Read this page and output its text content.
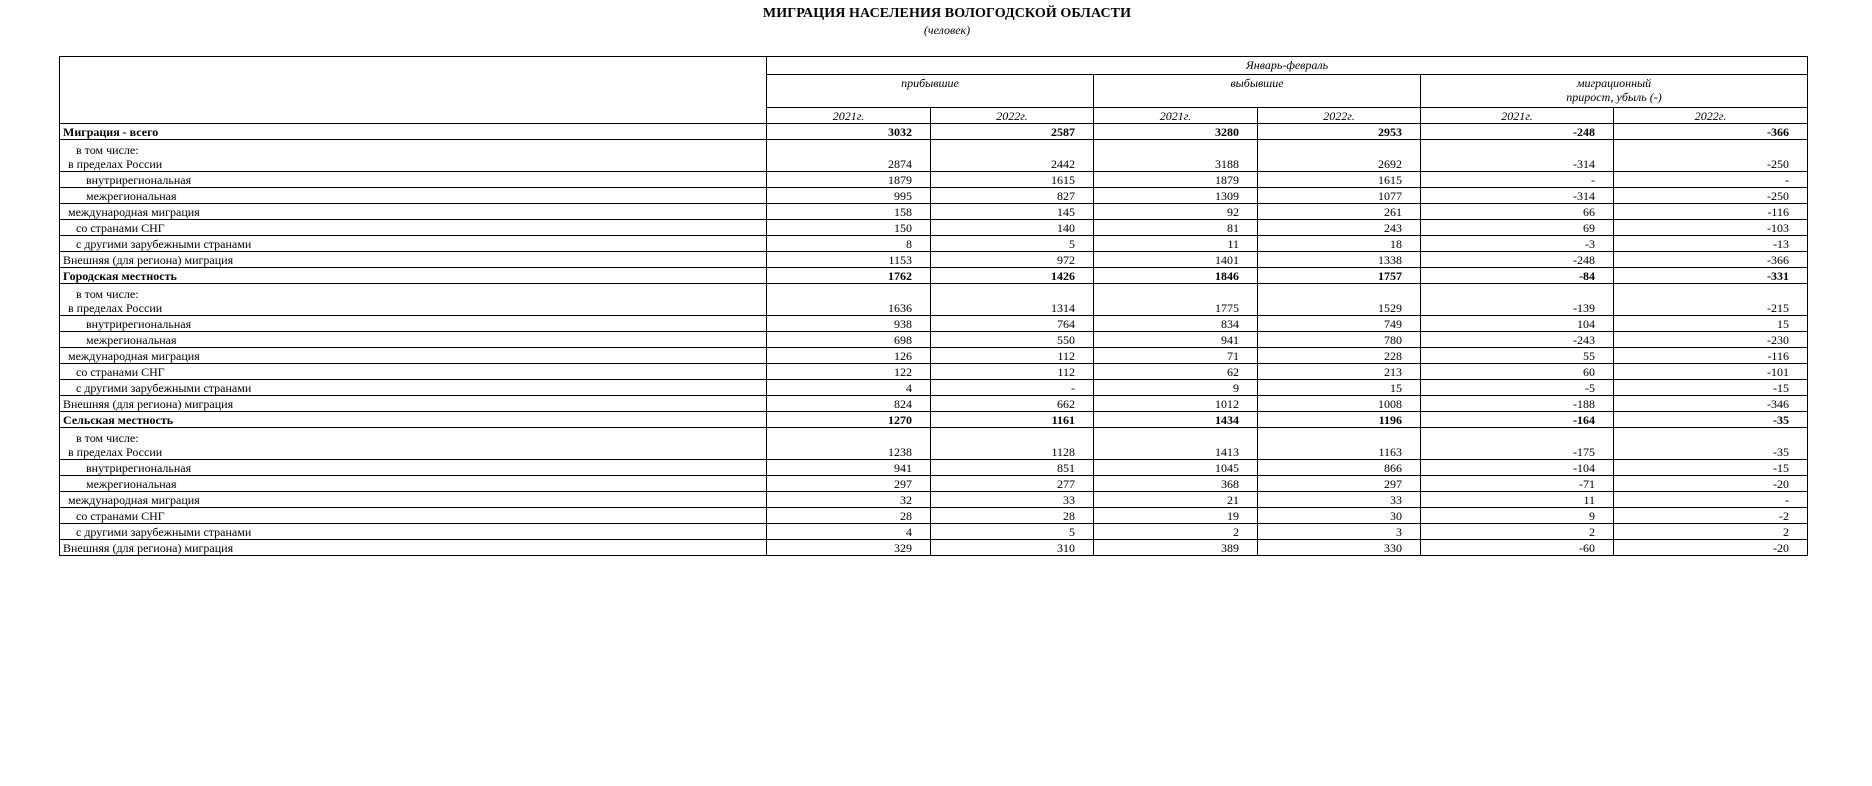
МИГРАЦИЯ НАСЕЛЕНИЯ ВОЛОГОДСКОЙ ОБЛАСТИ
(человек)
	Январь-февраль					
	прибывшие		выбывшие		миграционный
прирост, убыль (-)	
	2021г.	2022г.	2021г.	2022г.	2021г.	2022г.
Миграция - всего	3032	2587	3280	2953	-248	-366

в том числе:
в пределах России	2874	2442	3188	2692	-314	-250
внутрирегиональная	1879	1615	1879	1615	-	-
межрегиональная	995	827	1309	1077	-314	-250
международная миграция	158	145	92	261	66	-116
со странами СНГ	150	140	81	243	69	-103
с другими зарубежными странами	8	5	11	18	-3	-13
Внешняя (для региона) миграция	1153	972	1401	1338	-248	-366
Городская местность	1762	1426	1846	1757	-84	-331

в том числе:
в пределах России	1636	1314	1775	1529	-139	-215
внутрирегиональная	938	764	834	749	104	15
межрегиональная	698	550	941	780	-243	-230
международная миграция	126	112	71	228	55	-116
со странами СНГ	122	112	62	213	60	-101
с другими зарубежными странами	4	-	9	15	-5	-15
Внешняя (для региона) миграция	824	662	1012	1008	-188	-346
Сельская местность	1270	1161	1434	1196	-164	-35

в том числе:
в пределах России	1238	1128	1413	1163	-175	-35
внутрирегиональная	941	851	1045	866	-104	-15
межрегиональная	297	277	368	297	-71	-20
международная миграция	32	33	21	33	11	-
со странами СНГ	28	28	19	30	9	-2
с другими зарубежными странами	4	5	2	3	2	2
Внешняя (для региона) миграция	329	310	389	330	-60	-20
